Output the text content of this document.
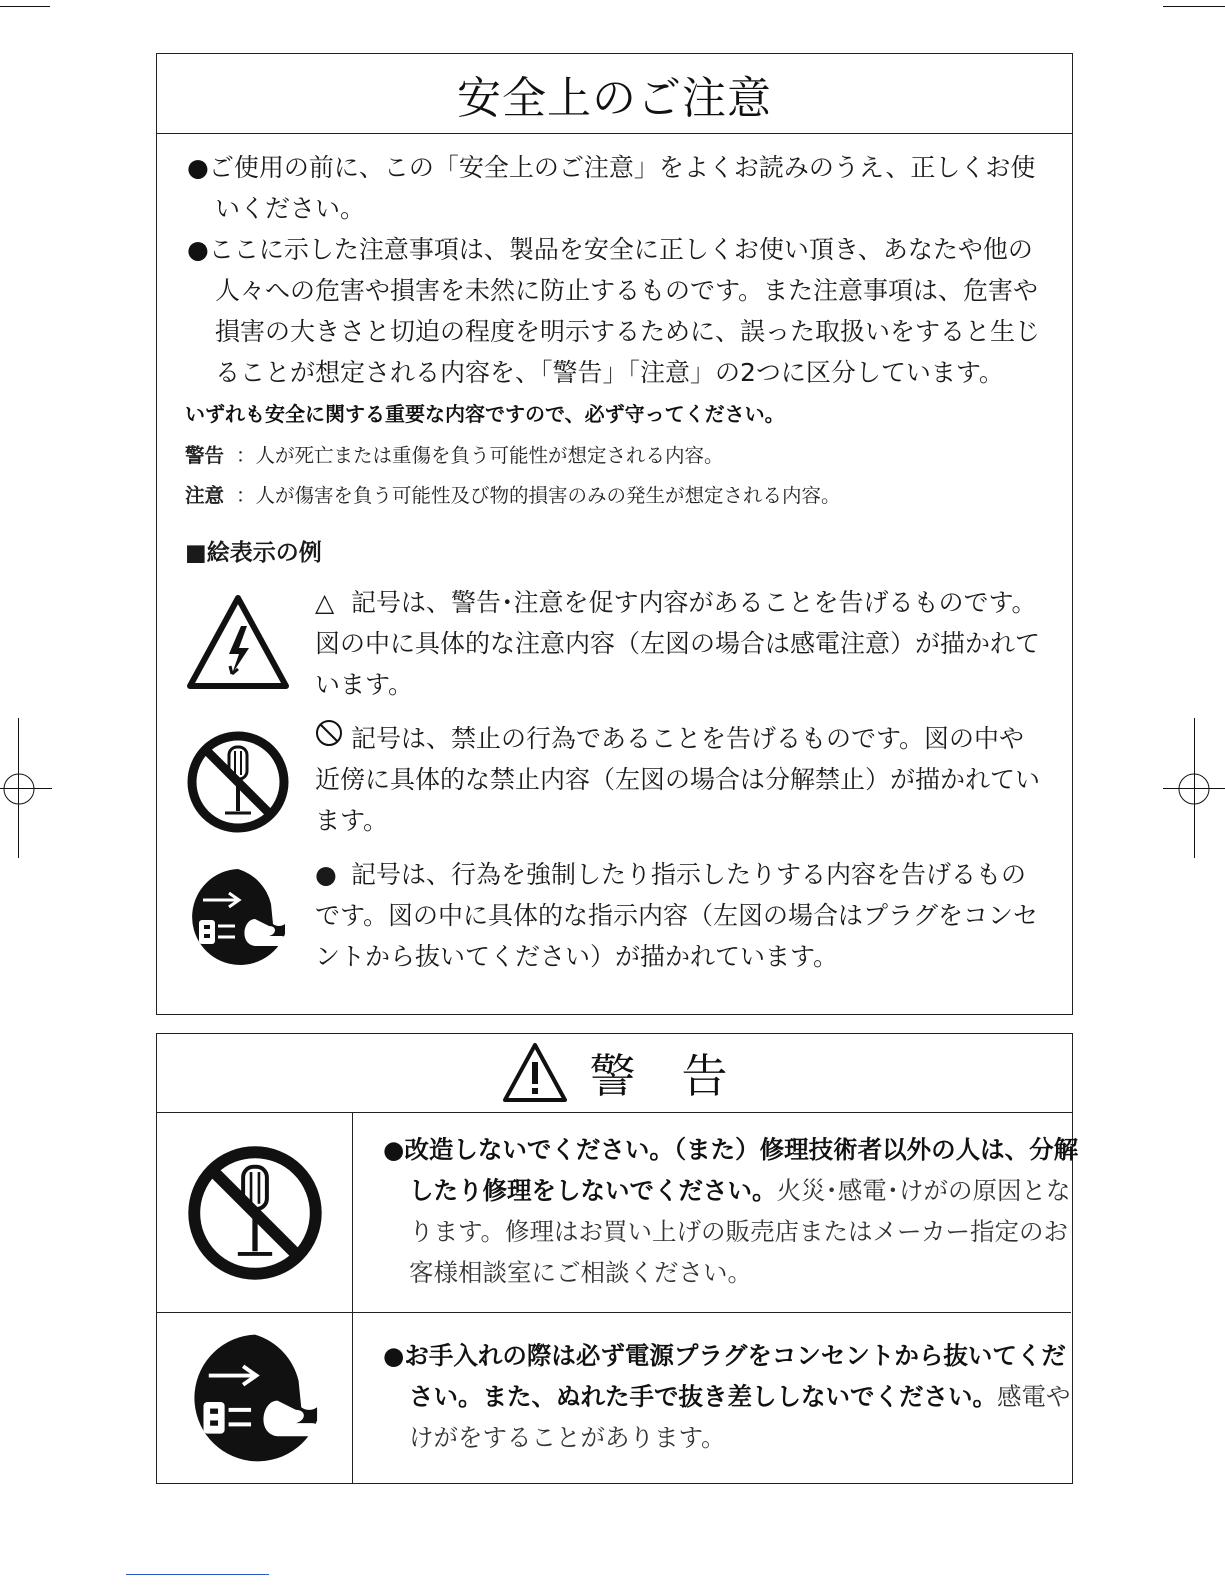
安全上のご注意

●ご使用の前に、この「安全上のご注意」をよくお読みのうえ、正しくお使いください。

●ここに示した注意事項は、製品を安全に正しくお使い頂き、あなたや他の人々への危害や損害を未然に防止するものです。また注意事項は、危害や損害の大きさと切迫の程度を明示するために、誤った取扱いをすると生じることが想定される内容を、「警告」「注意」の2つに区分しています。

いずれも安全に関する重要な内容ですので、必ず守ってください。
警告 ：人が死亡または重傷を負う可能性が想定される内容。
注意 ：人が傷害を負う可能性及び物的損害のみの発生が想定される内容。
■絵表示の例

△ 記号は、警告･注意を促す内容があることを告げるものです。図の中に具体的な注意内容（左図の場合は感電注意）が描かれています。

記号は、禁止の行為であることを告げるものです。図の中や近傍に具体的な禁止内容（左図の場合は分解禁止）が描かれています。

● 記号は、行為を強制したり指示したりする内容を告げるものです。図の中に具体的な指示内容（左図の場合はプラグをコンセントから抜いてください）が描かれています。

警　告

●改造しないでください。（また）修理技術者以外の人は、分解したり修理をしないでください。火災･感電･けがの原因となります。修理はお買い上げの販売店またはメーカー指定のお客様相談室にご相談ください。

●お手入れの際は必ず電源プラグをコンセントから抜いてください。また、ぬれた手で抜き差ししないでください。感電やけがをすることがあります。
